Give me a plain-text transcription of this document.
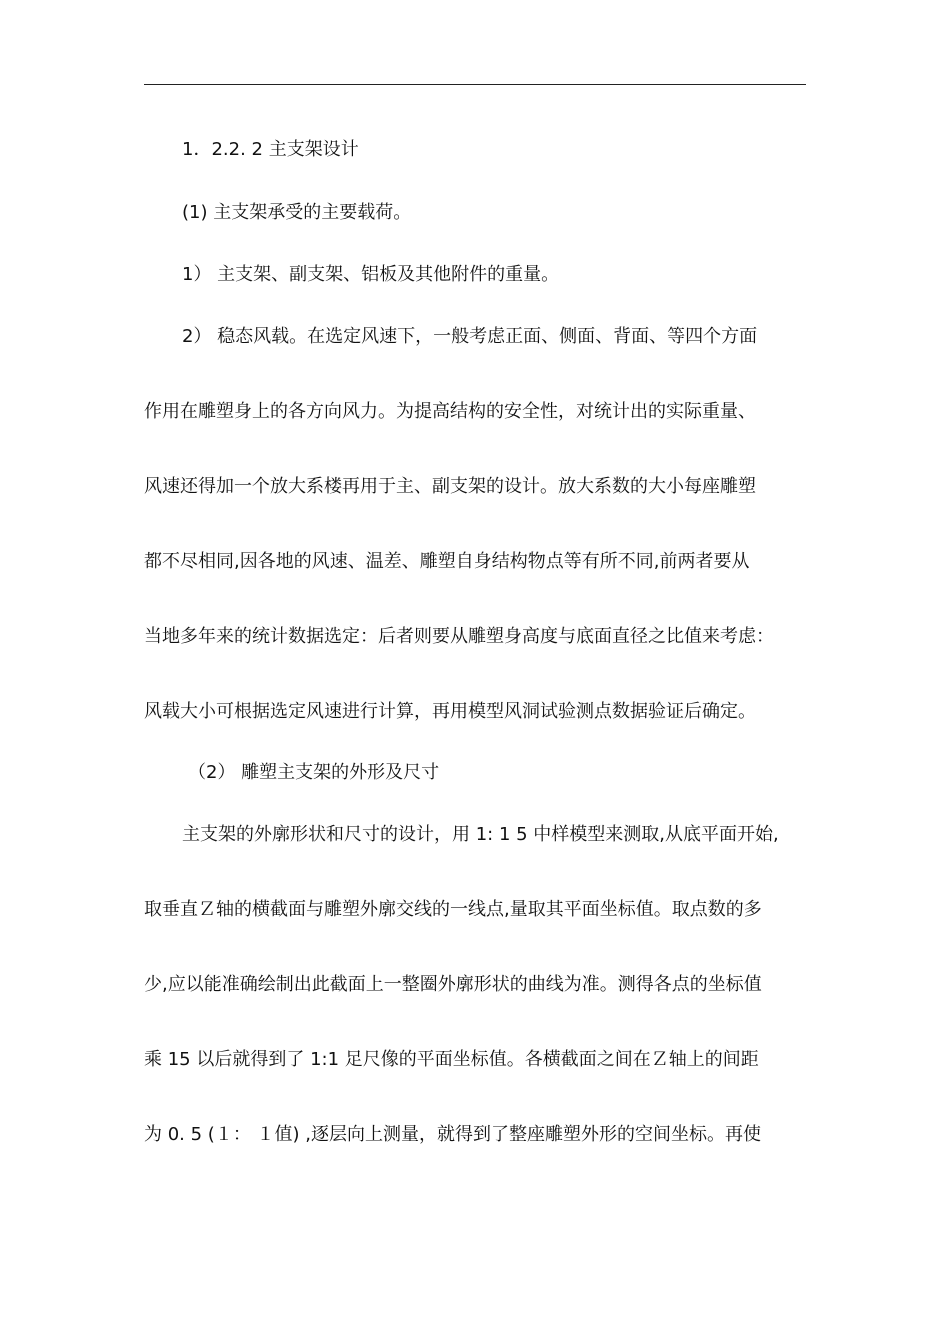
1．2.2. 2 主支架设计
(1) 主支架承受的主要载荷。
1） 主支架、副支架、铝板及其他附件的重量。
2） 稳态风载。在选定风速下，一般考虑正面、侧面、背面、等四个方面
作用在雕塑身上的各方向风力。为提高结构的安全性，对统计出的实际重量、
风速还得加一个放大系楼再用于主、副支架的设计。放大系数的大小每座雕塑
都不尽相同,因各地的风速、温差、雕塑自身结构物点等有所不同,前两者要从
当地多年来的统计数据选定：后者则要从雕塑身高度与底面直径之比值来考虑：
风载大小可根据选定风速进行计算，再用模型风洞试验测点数据验证后确定。
（2） 雕塑主支架的外形及尺寸
主支架的外廓形状和尺寸的设计，用 1: 1 5 中样模型来测取,从底平面开始,
取垂直Ｚ轴的横截面与雕塑外廓交线的一线点,量取其平面坐标值。取点数的多
少,应以能准确绘制出此截面上一整圈外廓形状的曲线为准。测得各点的坐标值
乘 15 以后就得到了 1:1 足尺像的平面坐标值。各横截面之间在Ｚ轴上的间距
为 0. 5 (１： １值) ,逐层向上测量，就得到了整座雕塑外形的空间坐标。再使
